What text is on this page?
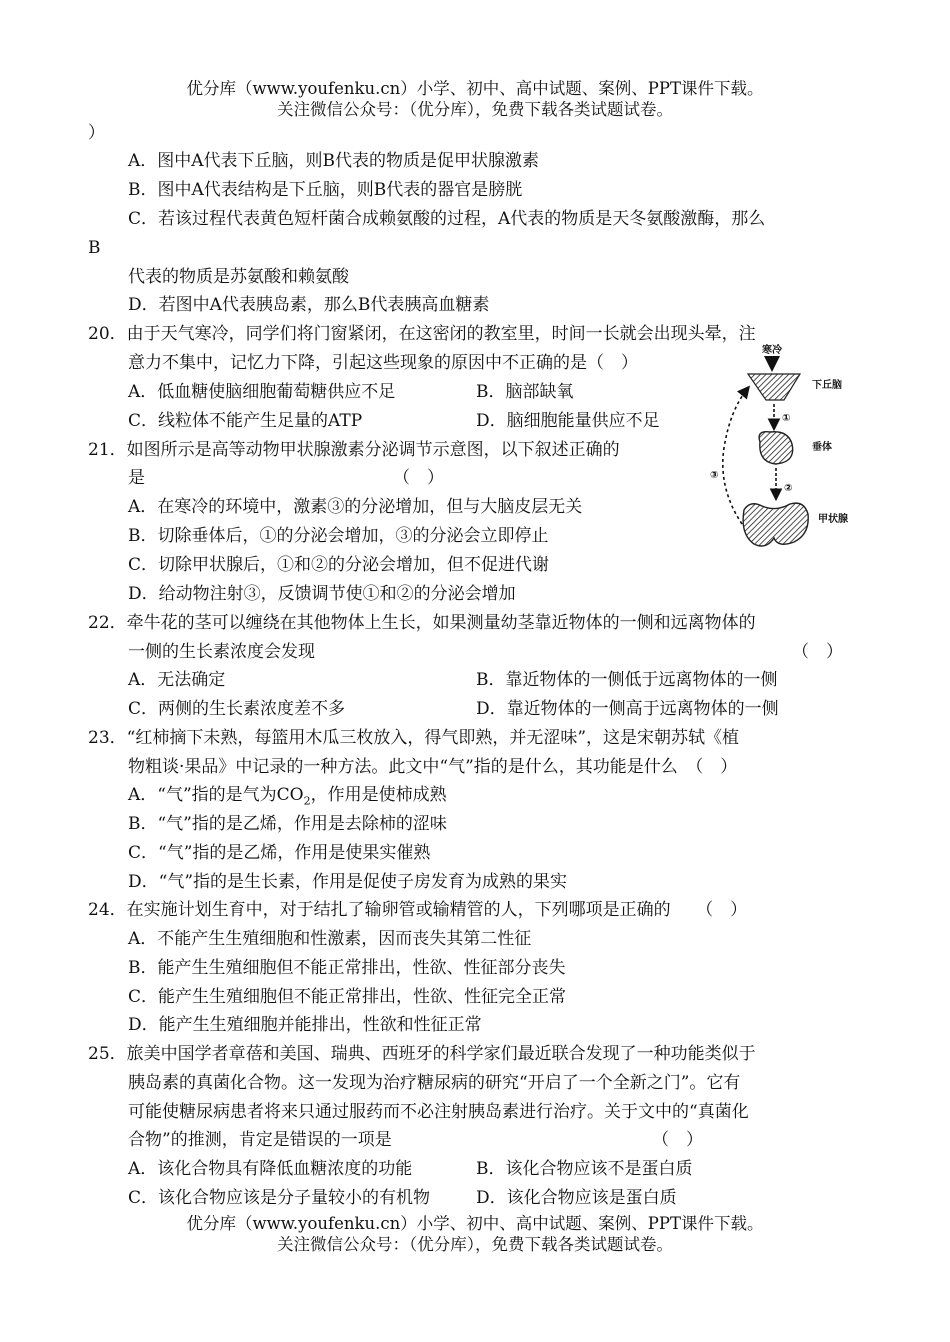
优分库（www.youfenku.cn）小学、初中、高中试题、案例、PPT课件下载。
关注微信公众号：（优分库），免费下载各类试题试卷。
）
A．图中A代表下丘脑，则B代表的物质是促甲状腺激素
B．图中A代表结构是下丘脑，则B代表的器官是膀胱
C．若该过程代表黄色短杆菌合成赖氨酸的过程，A代表的物质是天冬氨酸激酶，那么
B
代表的物质是苏氨酸和赖氨酸
D．若图中A代表胰岛素，那么B代表胰高血糖素
20．由于天气寒冷，同学们将门窗紧闭，在这密闭的教室里，时间一长就会出现头晕，注
意力不集中，记忆力下降，引起这些现象的原因中不正确的是（　）
A．低血糖使脑细胞葡萄糖供应不足	B．脑部缺氧
C．线粒体不能产生足量的ATP	D．脑细胞能量供应不足
21．如图所示是高等动物甲状腺激素分泌调节示意图，以下叙述正确的
是	（　）
A．在寒冷的环境中，激素③的分泌增加，但与大脑皮层无关
B．切除垂体后，①的分泌会增加，③的分泌会立即停止
C．切除甲状腺后，①和②的分泌会增加，但不促进代谢
D．给动物注射③，反馈调节使①和②的分泌会增加
寒冷
下丘脑
①
垂体
②
甲状腺
③
22．牵牛花的茎可以缠绕在其他物体上生长，如果测量幼茎靠近物体的一侧和远离物体的
一侧的生长素浓度会发现	（　）
A．无法确定	B．靠近物体的一侧低于远离物体的一侧
C．两侧的生长素浓度差不多	D．靠近物体的一侧高于远离物体的一侧
23．“红柿摘下未熟，每篮用木瓜三枚放入，得气即熟，并无涩味”，这是宋朝苏轼《植
物粗谈·果品》中记录的一种方法。此文中“气”指的是什么，其功能是什么　（　）
A．“气”指的是气为$CO_2$，作用是使柿成熟
B．“气”指的是乙烯，作用是去除柿的涩味
C．“气”指的是乙烯，作用是使果实催熟
D．“气”指的是生长素，作用是促使子房发育为成熟的果实
24．在实施计划生育中，对于结扎了输卵管或输精管的人，下列哪项是正确的　　（　）
A．不能产生生殖细胞和性激素，因而丧失其第二性征
B．能产生生殖细胞但不能正常排出，性欲、性征部分丧失
C．能产生生殖细胞但不能正常排出，性欲、性征完全正常
D．能产生生殖细胞并能排出，性欲和性征正常
25．旅美中国学者章蓓和美国、瑞典、西班牙的科学家们最近联合发现了一种功能类似于
胰岛素的真菌化合物。这一发现为治疗糖尿病的研究“开启了一个全新之门”。它有
可能使糖尿病患者将来只通过服药而不必注射胰岛素进行治疗。关于文中的“真菌化
合物”的推测，肯定是错误的一项是	（　）
A．该化合物具有降低血糖浓度的功能	B．该化合物应该不是蛋白质
C．该化合物应该是分子量较小的有机物	D．该化合物应该是蛋白质
优分库（www.youfenku.cn）小学、初中、高中试题、案例、PPT课件下载。
关注微信公众号：（优分库），免费下载各类试题试卷。
